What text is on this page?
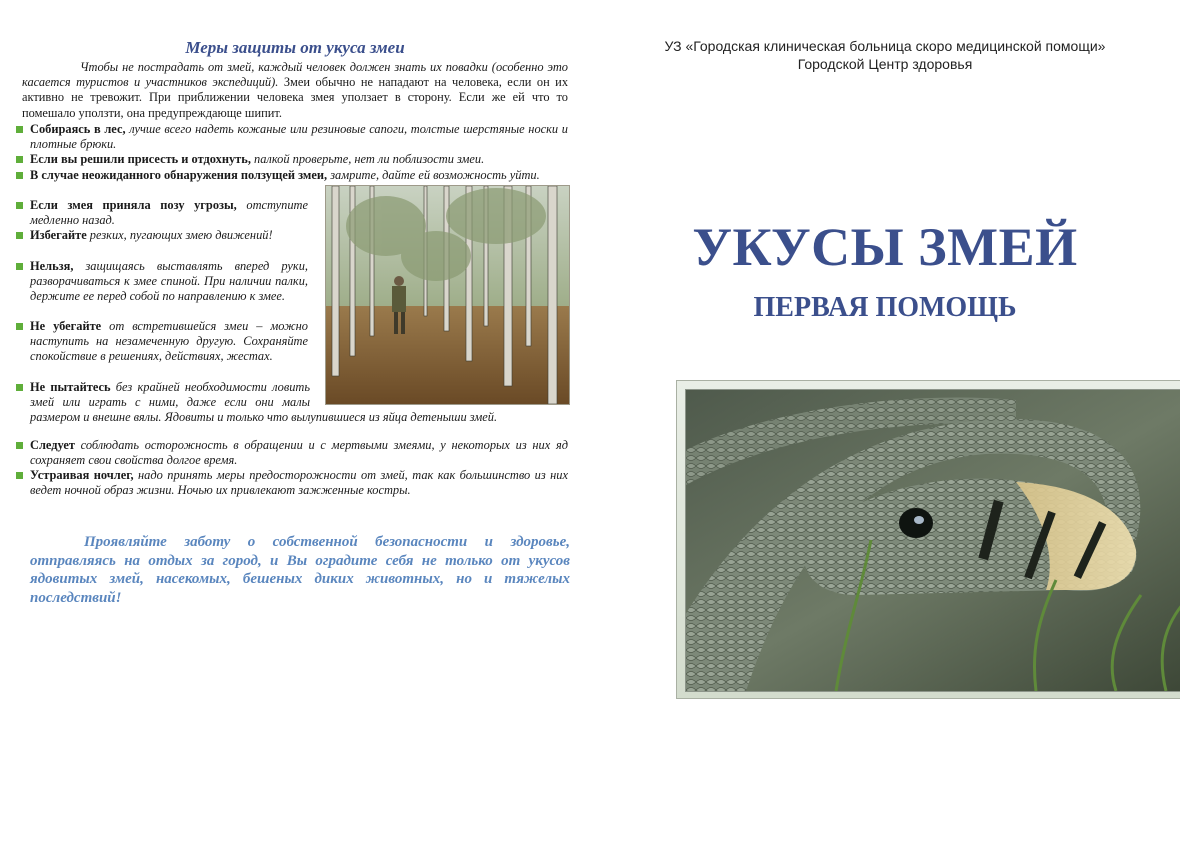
Меры защиты от укуса змеи

Чтобы не пострадать от змей, каждый человек должен знать их повадки (особенно это касается туристов и участников экспедиций). Змеи обычно не нападают на человека, если он их активно не тревожит. При приближении человека змея уползает в сторону. Если же ей что то помешало уползти, она предупреждающе шипит.

Собираясь в лес, лучше всего надеть кожаные или резиновые сапоги, толстые шерстяные носки и плотные брюки.

Если вы решили присесть и отдохнуть, палкой проверьте, нет ли поблизости змеи.

В случае неожиданного обнаружения ползущей змеи, замрите, дайте ей возможность уйти.

Если змея приняла позу угрозы, отступите медленно назад.

Избегайте резких, пугающих змею движений!

Нельзя, защищаясь выставлять вперед руки, разворачиваться к змее спиной. При наличии палки, держите ее перед собой по направлению к змее.

Не убегайте от встретившейся змеи – можно наступить на незамеченную другую. Сохраняйте спокойствие в решениях, действиях, жестах.

Не пытайтесь без крайней необходимости ловить змей или играть с ними, даже если они малы размером и внешне вялы. Ядовиты и только что вылупившиеся из яйца детеныши змей.

Следует соблюдать осторожность в обращении и с мертвыми змеями, у некоторых из них яд сохраняет свои свойства долгое время.

Устраивая ночлег, надо принять меры предосторожности от змей, так как большинство из них ведет ночной образ жизни. Ночью их привлекают зажженные костры.

Проявляйте заботу о собственной безопасности и здоровье, отправляясь на отдых за город, и Вы оградите себя не только от укусов ядовитых змей, насекомых, бешеных диких животных, но и тяжелых последствий!

УЗ «Городская клиническая больница скоро медицинской помощи»
Городской Центр здоровья
УКУСЫ ЗМЕЙ
ПЕРВАЯ ПОМОЩЬ
